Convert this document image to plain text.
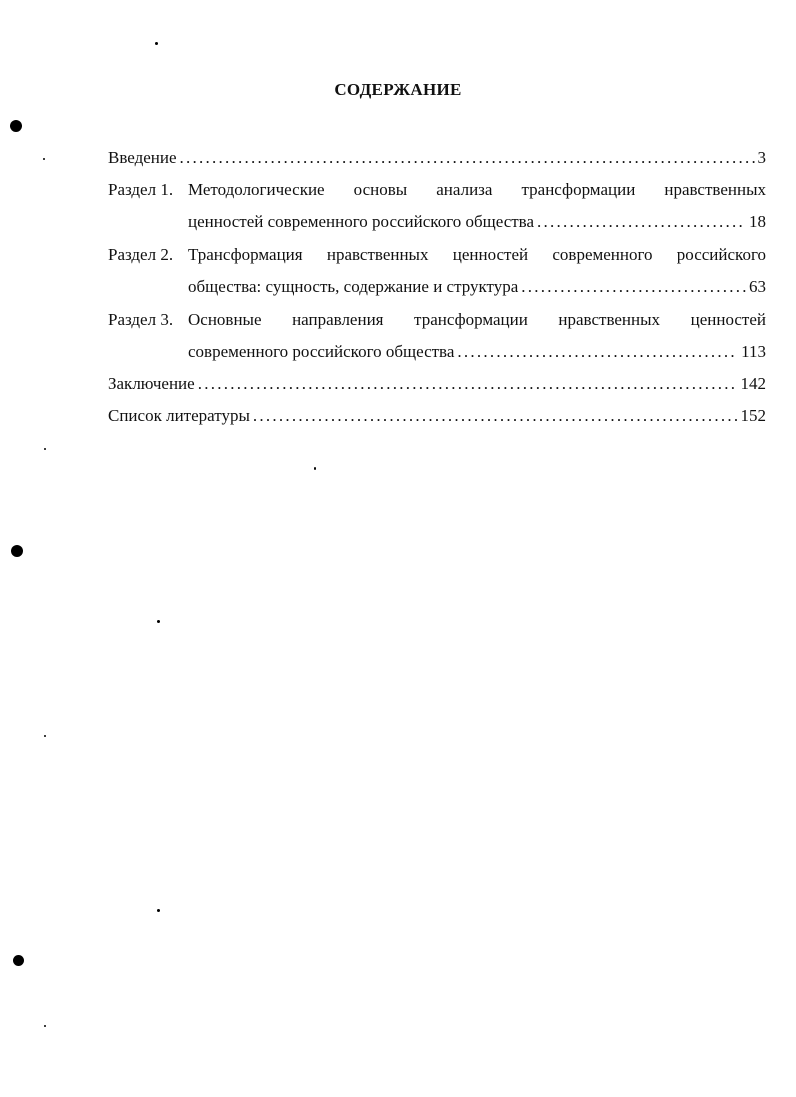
СОДЕРЖАНИЕ
Введение . . .	3
Раздел 1. Методологические основы анализа трансформации нравственных
ценностей современного российского общества . . .	18
Раздел 2. Трансформация нравственных ценностей современного российского
общества: сущность, содержание и структура . . .	63
Раздел 3. Основные направления трансформации нравственных ценностей
современного российского общества . . .	113
Заключение . . .	142
Список литературы . . .	152
